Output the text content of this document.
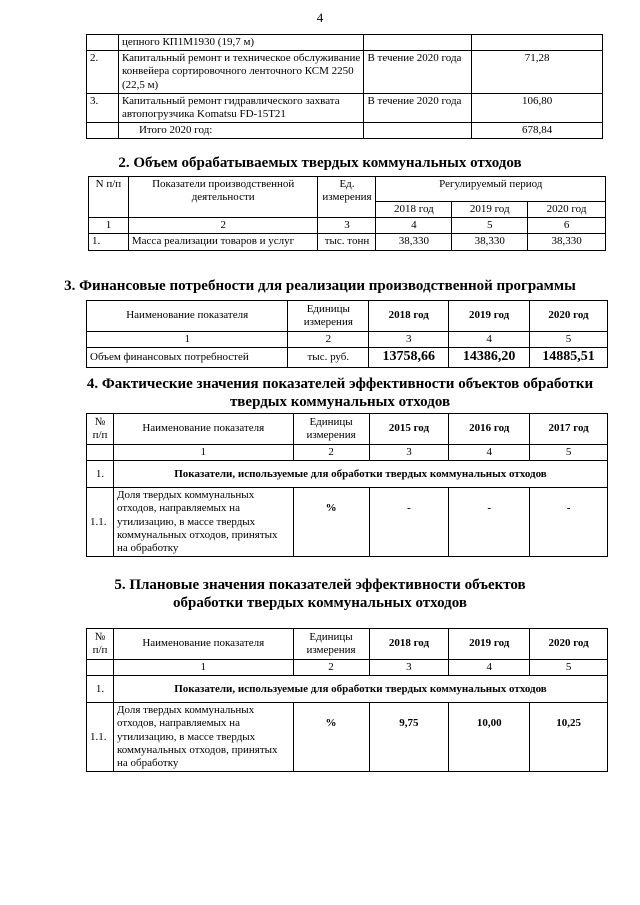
4
	цепного КП1М1930 (19,7 м)		
2.	Капитальный ремонт и техническое обслуживание конвейера сортировочного ленточного КСМ 2250 (22,5 м)	В течение 2020 года	71,28
3.	Капитальный ремонт гидравлического захвата автопогрузчика Komatsu FD-15T21	В течение 2020 года	106,80
	Итого 2020 год:		678,84
2. Объем обрабатываемых твердых коммунальных отходов
N п/п	Показатели производственной деятельности	Ед. измерения	Регулируемый период		
			2018 год	2019 год	2020 год
1	2	3	4	5	6
1.	Масса реализации товаров и услуг	тыс. тонн	38,330	38,330	38,330
3. Финансовые потребности для реализации производственной программы
Наименование показателя	Единицы измерения	2018 год	2019 год	2020 год
1	2	3	4	5
Объем финансовых потребностей	тыс. руб.	13758,66	14386,20	14885,51
4. Фактические значения показателей эффективности объектов обработки
твердых коммунальных отходов
№ п/п	Наименование показателя	Единицы измерения	2015 год	2016 год	2017 год
	1	2	3	4	5
1.	Показатели, используемые для обработки твердых коммунальных отходов				
1.1.	Доля твердых коммунальных отходов, направляемых на утилизацию, в массе твердых коммунальных отходов, принятых на обработку	%	-	-	-
5. Плановые значения показателей эффективности объектов
обработки твердых коммунальных отходов
№ п/п	Наименование показателя	Единицы измерения	2018 год	2019 год	2020 год
	1	2	3	4	5
1.	Показатели, используемые для обработки твердых коммунальных отходов				
1.1.	Доля твердых коммунальных отходов, направляемых на утилизацию, в массе твердых коммунальных отходов, принятых на обработку	%	9,75	10,00	10,25
